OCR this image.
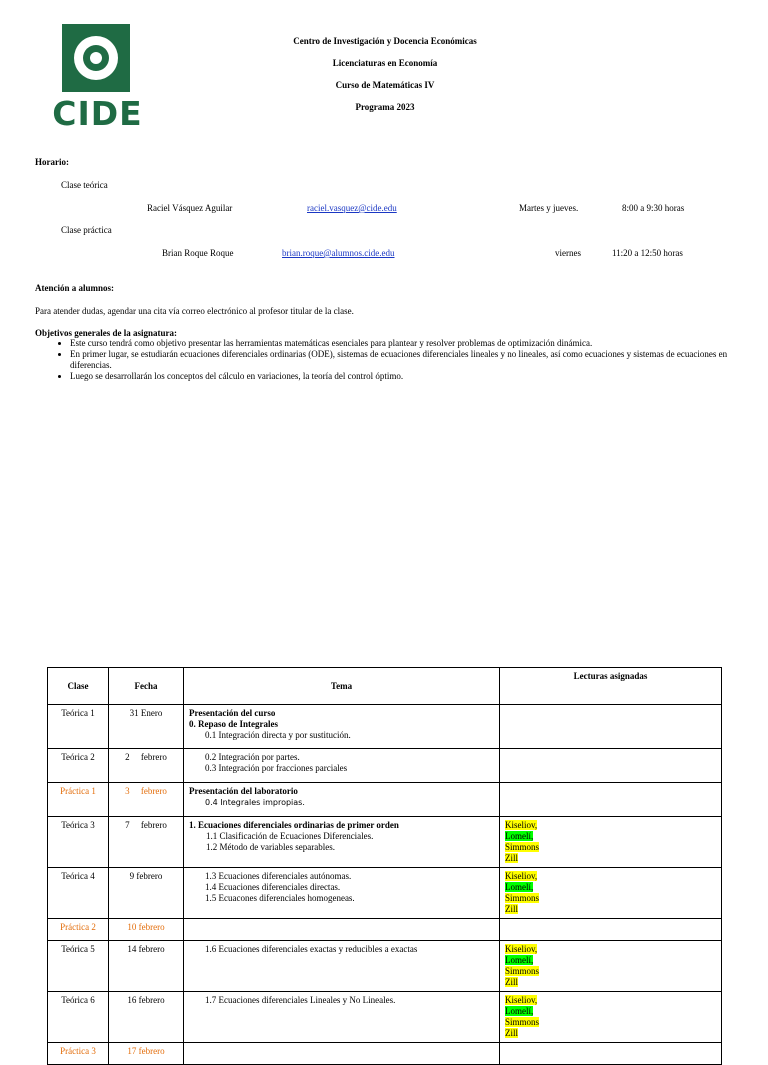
CIDE
Centro de Investigación y Docencia Económicas
Licenciaturas en Economía
Curso de Matemáticas IV
Programa 2023
Horario:
Clase teórica
Raciel Vásquez Aguilar	raciel.vasquez@cide.edu	Martes y jueves.	8:00 a 9:30 horas
Clase práctica
Brian Roque Roque	brian.roque@alumnos.cide.edu	viernes	11:20 a 12:50 horas
Atención a alumnos:
Para atender dudas, agendar una cita vía correo electrónico al profesor titular de la clase.
Objetivos generales de la asignatura:
• Este curso tendrá como objetivo presentar las herramientas matemáticas esenciales para plantear y resolver problemas de optimización dinámica.
• En primer lugar, se estudiarán ecuaciones diferenciales ordinarias (ODE), sistemas de ecuaciones diferenciales lineales y no lineales, así como ecuaciones y sistemas de ecuaciones en diferencias.
• Luego se desarrollarán los conceptos del cálculo en variaciones, la teoría del control óptimo.
Clase	Fecha	Tema	Lecturas asignadas
Teórica 1	31 Enero	Presentación del curso
0. Repaso de Integrales
0.1 Integración directa y por sustitución.	

Teórica 2	2     febrero	0.2 Integración por partes.
0.3 Integración por fracciones parciales	

Práctica 1	3     febrero	Presentación del laboratorio
0.4 Integrales impropias.	

Teórica 3	7     febrero	1. Ecuaciones diferenciales ordinarias de primer orden
1.1 Clasificación de Ecuaciones Diferenciales.
1.2 Método de variables separables.	Kiseliov,
Lomelí,
Simmons
Zill
Teórica 4	9 febrero	1.3 Ecuaciones diferenciales autónomas.
1.4 Ecuaciones diferenciales directas.
1.5 Ecuacones diferenciales homogeneas.	Kiseliov,
Lomelí,
Simmons
Zill
Práctica 2	10 febrero		
Teórica 5	14 febrero	1.6 Ecuaciones diferenciales exactas y reducibles a exactas	Kiseliov,
Lomelí,
Simmons
Zill
Teórica 6	16 febrero	1.7 Ecuaciones diferenciales Lineales y No Lineales.	Kiseliov,
Lomelí,
Simmons
Zill
Práctica 3	17 febrero		
